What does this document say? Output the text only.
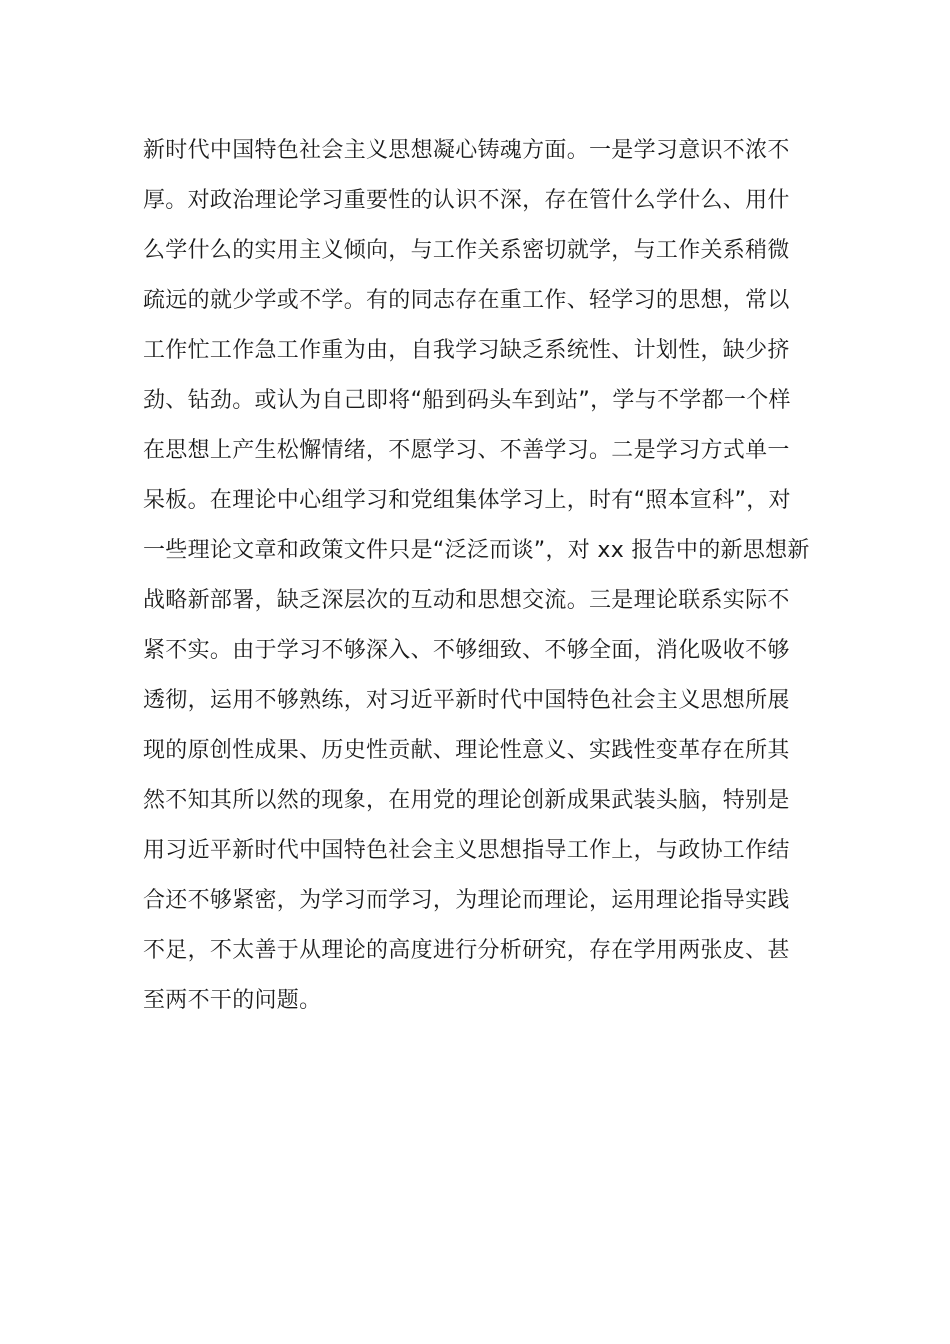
新时代中国特色社会主义思想凝心铸魂方面。一是学习意识不浓不
厚。对政治理论学习重要性的认识不深，存在管什么学什么、用什
么学什么的实用主义倾向，与工作关系密切就学，与工作关系稍微
疏远的就少学或不学。有的同志存在重工作、轻学习的思想，常以
工作忙工作急工作重为由，自我学习缺乏系统性、计划性，缺少挤
劲、钻劲。或认为自己即将“船到码头车到站”，学与不学都一个样
在思想上产生松懈情绪，不愿学习、不善学习。二是学习方式单一
呆板。在理论中心组学习和党组集体学习上，时有“照本宣科”，对
一些理论文章和政策文件只是“泛泛而谈”，对 xx 报告中的新思想新
战略新部署，缺乏深层次的互动和思想交流。三是理论联系实际不
紧不实。由于学习不够深入、不够细致、不够全面，消化吸收不够
透彻，运用不够熟练，对习近平新时代中国特色社会主义思想所展
现的原创性成果、历史性贡献、理论性意义、实践性变革存在所其
然不知其所以然的现象，在用党的理论创新成果武装头脑，特别是
用习近平新时代中国特色社会主义思想指导工作上，与政协工作结
合还不够紧密，为学习而学习，为理论而理论，运用理论指导实践
不足，不太善于从理论的高度进行分析研究，存在学用两张皮、甚
至两不干的问题。
